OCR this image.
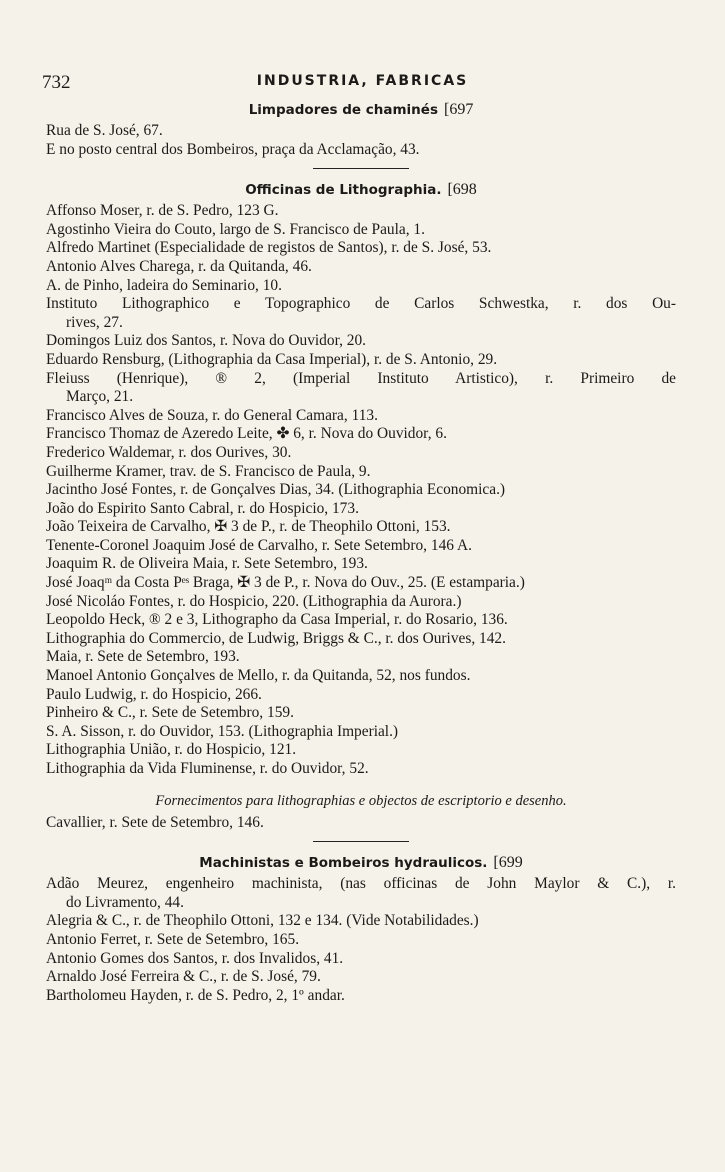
732	INDUSTRIA, FABRICAS
Limpadores de chaminés [697
Rua de S. José, 67.
E no posto central dos Bombeiros, praça da Acclamação, 43.
Officinas de Lithographia. [698
Affonso Moser, r. de S. Pedro, 123 G.
Agostinho Vieira do Couto, largo de S. Francisco de Paula, 1.
Alfredo Martinet (Especialidade de registos de Santos), r. de S. José, 53.
Antonio Alves Charega, r. da Quitanda, 46.
A. de Pinho, ladeira do Seminario, 10.
Instituto Lithographico e Topographico de Carlos Schwestka, r. dos Ou-
rives, 27.
Domingos Luiz dos Santos, r. Nova do Ouvidor, 20.
Eduardo Rensburg, (Lithographia da Casa Imperial), r. de S. Antonio, 29.
Fleiuss (Henrique), ® 2, (Imperial Instituto Artistico), r. Primeiro de
Março, 21.
Francisco Alves de Souza, r. do General Camara, 113.
Francisco Thomaz de Azeredo Leite, ✤ 6, r. Nova do Ouvidor, 6.
Frederico Waldemar, r. dos Ourives, 30.
Guilherme Kramer, trav. de S. Francisco de Paula, 9.
Jacintho José Fontes, r. de Gonçalves Dias, 34. (Lithographia Economica.)
João do Espirito Santo Cabral, r. do Hospicio, 173.
João Teixeira de Carvalho, ✠ 3 de P., r. de Theophilo Ottoni, 153.
Tenente-Coronel Joaquim José de Carvalho, r. Sete Setembro, 146 A.
Joaquim R. de Oliveira Maia, r. Sete Setembro, 193.
José Joaqᵐ da Costa Pᵉˢ Braga, ✠ 3 de P., r. Nova do Ouv., 25. (E estamparia.)
José Nicoláo Fontes, r. do Hospicio, 220. (Lithographia da Aurora.)
Leopoldo Heck, ® 2 e 3, Lithographo da Casa Imperial, r. do Rosario, 136.
Lithographia do Commercio, de Ludwig, Briggs & C., r. dos Ourives, 142.
Maia, r. Sete de Setembro, 193.
Manoel Antonio Gonçalves de Mello, r. da Quitanda, 52, nos fundos.
Paulo Ludwig, r. do Hospicio, 266.
Pinheiro & C., r. Sete de Setembro, 159.
S. A. Sisson, r. do Ouvidor, 153. (Lithographia Imperial.)
Lithographia União, r. do Hospicio, 121.
Lithographia da Vida Fluminense, r. do Ouvidor, 52.
Fornecimentos para lithographias e objectos de escriptorio e desenho.
Cavallier, r. Sete de Setembro, 146.
Machinistas e Bombeiros hydraulicos. [699
Adão Meurez, engenheiro machinista, (nas officinas de John Maylor & C.), r.
do Livramento, 44.
Alegria & C., r. de Theophilo Ottoni, 132 e 134. (Vide Notabilidades.)
Antonio Ferret, r. Sete de Setembro, 165.
Antonio Gomes dos Santos, r. dos Invalidos, 41.
Arnaldo José Ferreira & C., r. de S. José, 79.
Bartholomeu Hayden, r. de S. Pedro, 2, 1º andar.
